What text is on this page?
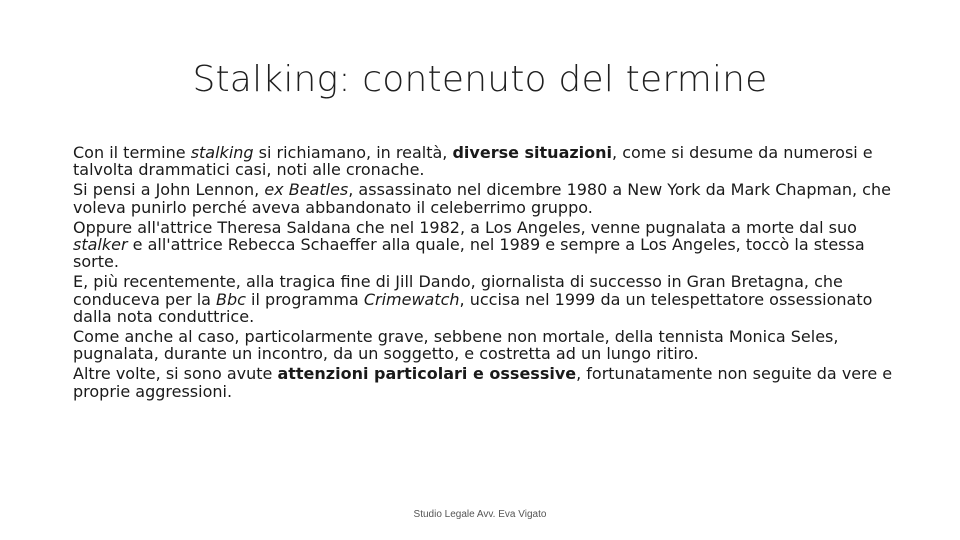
Stalking: contenuto del termine

Con il termine stalking si richiamano, in realtà, diverse situazioni, come si desume da numerosi e talvolta drammatici casi, noti alle cronache.

Si pensi a John Lennon, ex Beatles, assassinato nel dicembre 1980 a New York da Mark Chapman, che voleva punirlo perché aveva abbandonato il celeberrimo gruppo.

Oppure all'attrice Theresa Saldana che nel 1982, a Los Angeles, venne pugnalata a morte dal suo stalker e all'attrice Rebecca Schaeffer alla quale, nel 1989 e sempre a Los Angeles, toccò la stessa sorte.

E, più recentemente, alla tragica fine di Jill Dando, giornalista di successo in Gran Bretagna, che conduceva per la Bbc il programma Crimewatch, uccisa nel 1999 da un telespettatore ossessionato dalla nota conduttrice.

Come anche al caso, particolarmente grave, sebbene non mortale, della tennista Monica Seles, pugnalata, durante un incontro, da un soggetto, e costretta ad un lungo ritiro.

Altre volte, si sono avute attenzioni particolari e ossessive, fortunatamente non seguite da vere e proprie aggressioni.

Studio Legale Avv. Eva Vigato
